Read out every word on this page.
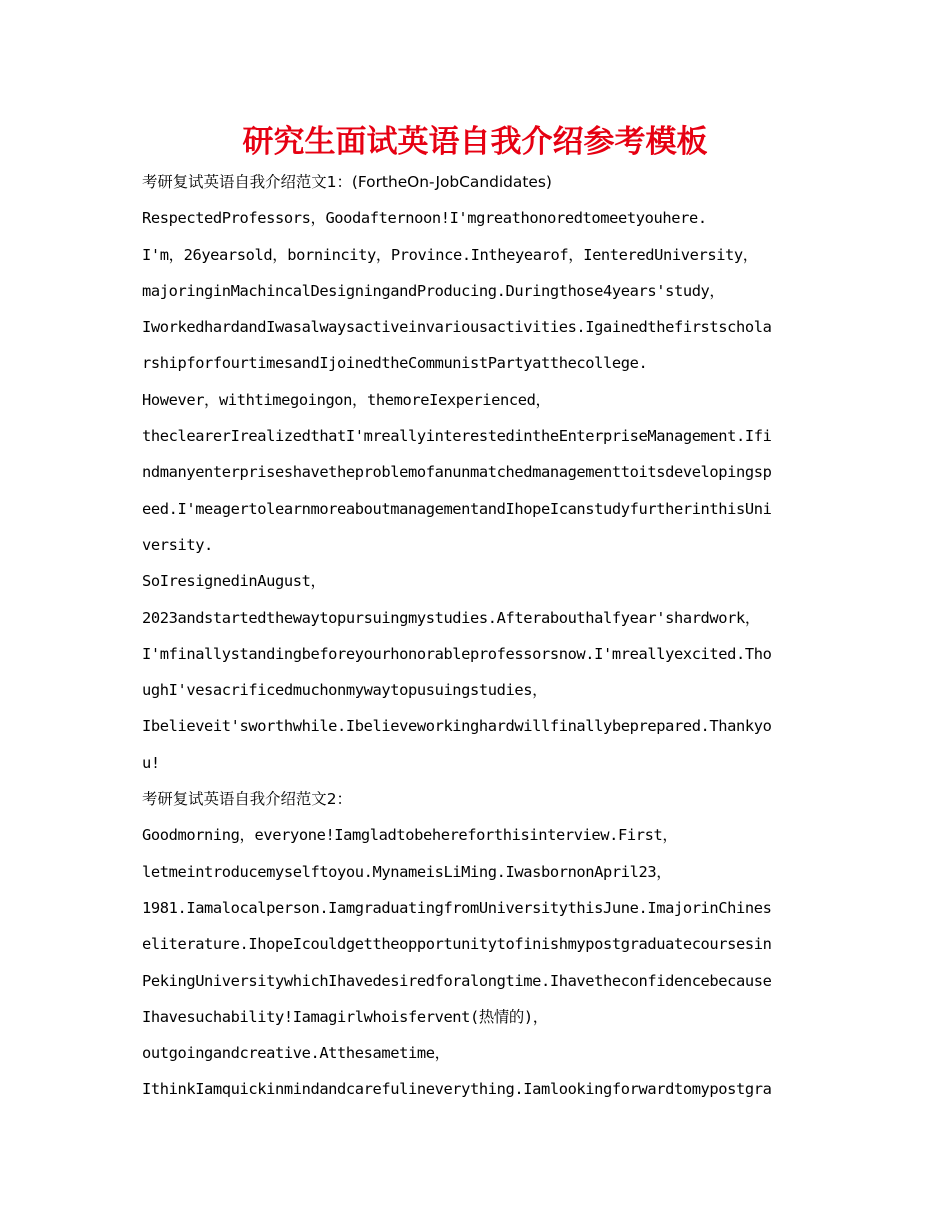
研究生面试英语自我介绍参考模板
考研复试英语自我介绍范文1：(FortheOn-JobCandidates)
RespectedProfessors，Goodafternoon!I'mgreathonoredtomeetyouhere.
I'm，26yearsold，bornincity，Province.Intheyearof，IenteredUniversity，
majoringinMachincalDesigningandProducing.Duringthose4years'study，
IworkedhardandIwasalwaysactiveinvariousactivities.Igainedthefirstschola
rshipforfourtimesandIjoinedtheCommunistPartyatthecollege.
However，withtimegoingon，themoreIexperienced，
theclearerIrealizedthatI'mreallyinterestedintheEnterpriseManagement.Ifi
ndmanyenterpriseshavetheproblemofanunmatchedmanagementtoitsdevelopingsp
eed.I'meagertolearnmoreaboutmanagementandIhopeIcanstudyfurtherinthisUni
versity.
SoIresignedinAugust，
2023andstartedthewaytopursuingmystudies.Afterabouthalfyear'shardwork，
I'mfinallystandingbeforeyourhonorableprofessorsnow.I'mreallyexcited.Tho
ughI'vesacrificedmuchonmywaytopusuingstudies，
Ibelieveit'sworthwhile.Ibelieveworkinghardwillfinallybeprepared.Thankyo
u!
考研复试英语自我介绍范文2：
Goodmorning，everyone!Iamgladtobehereforthisinterview.First，
letmeintroducemyselftoyou.MynameisLiMing.IwasbornonApril23，
1981.Iamalocalperson.IamgraduatingfromUniversitythisJune.ImajorinChines
eliterature.IhopeIcouldgettheopportunitytofinishmypostgraduatecoursesin
PekingUniversitywhichIhavedesiredforalongtime.Ihavetheconfidencebecause
Ihavesuchability!Iamagirlwhoisfervent(热情的)，
outgoingandcreative.Atthesametime，
IthinkIamquickinmindandcarefulineverything.Iamlookingforwardtomypostgra
